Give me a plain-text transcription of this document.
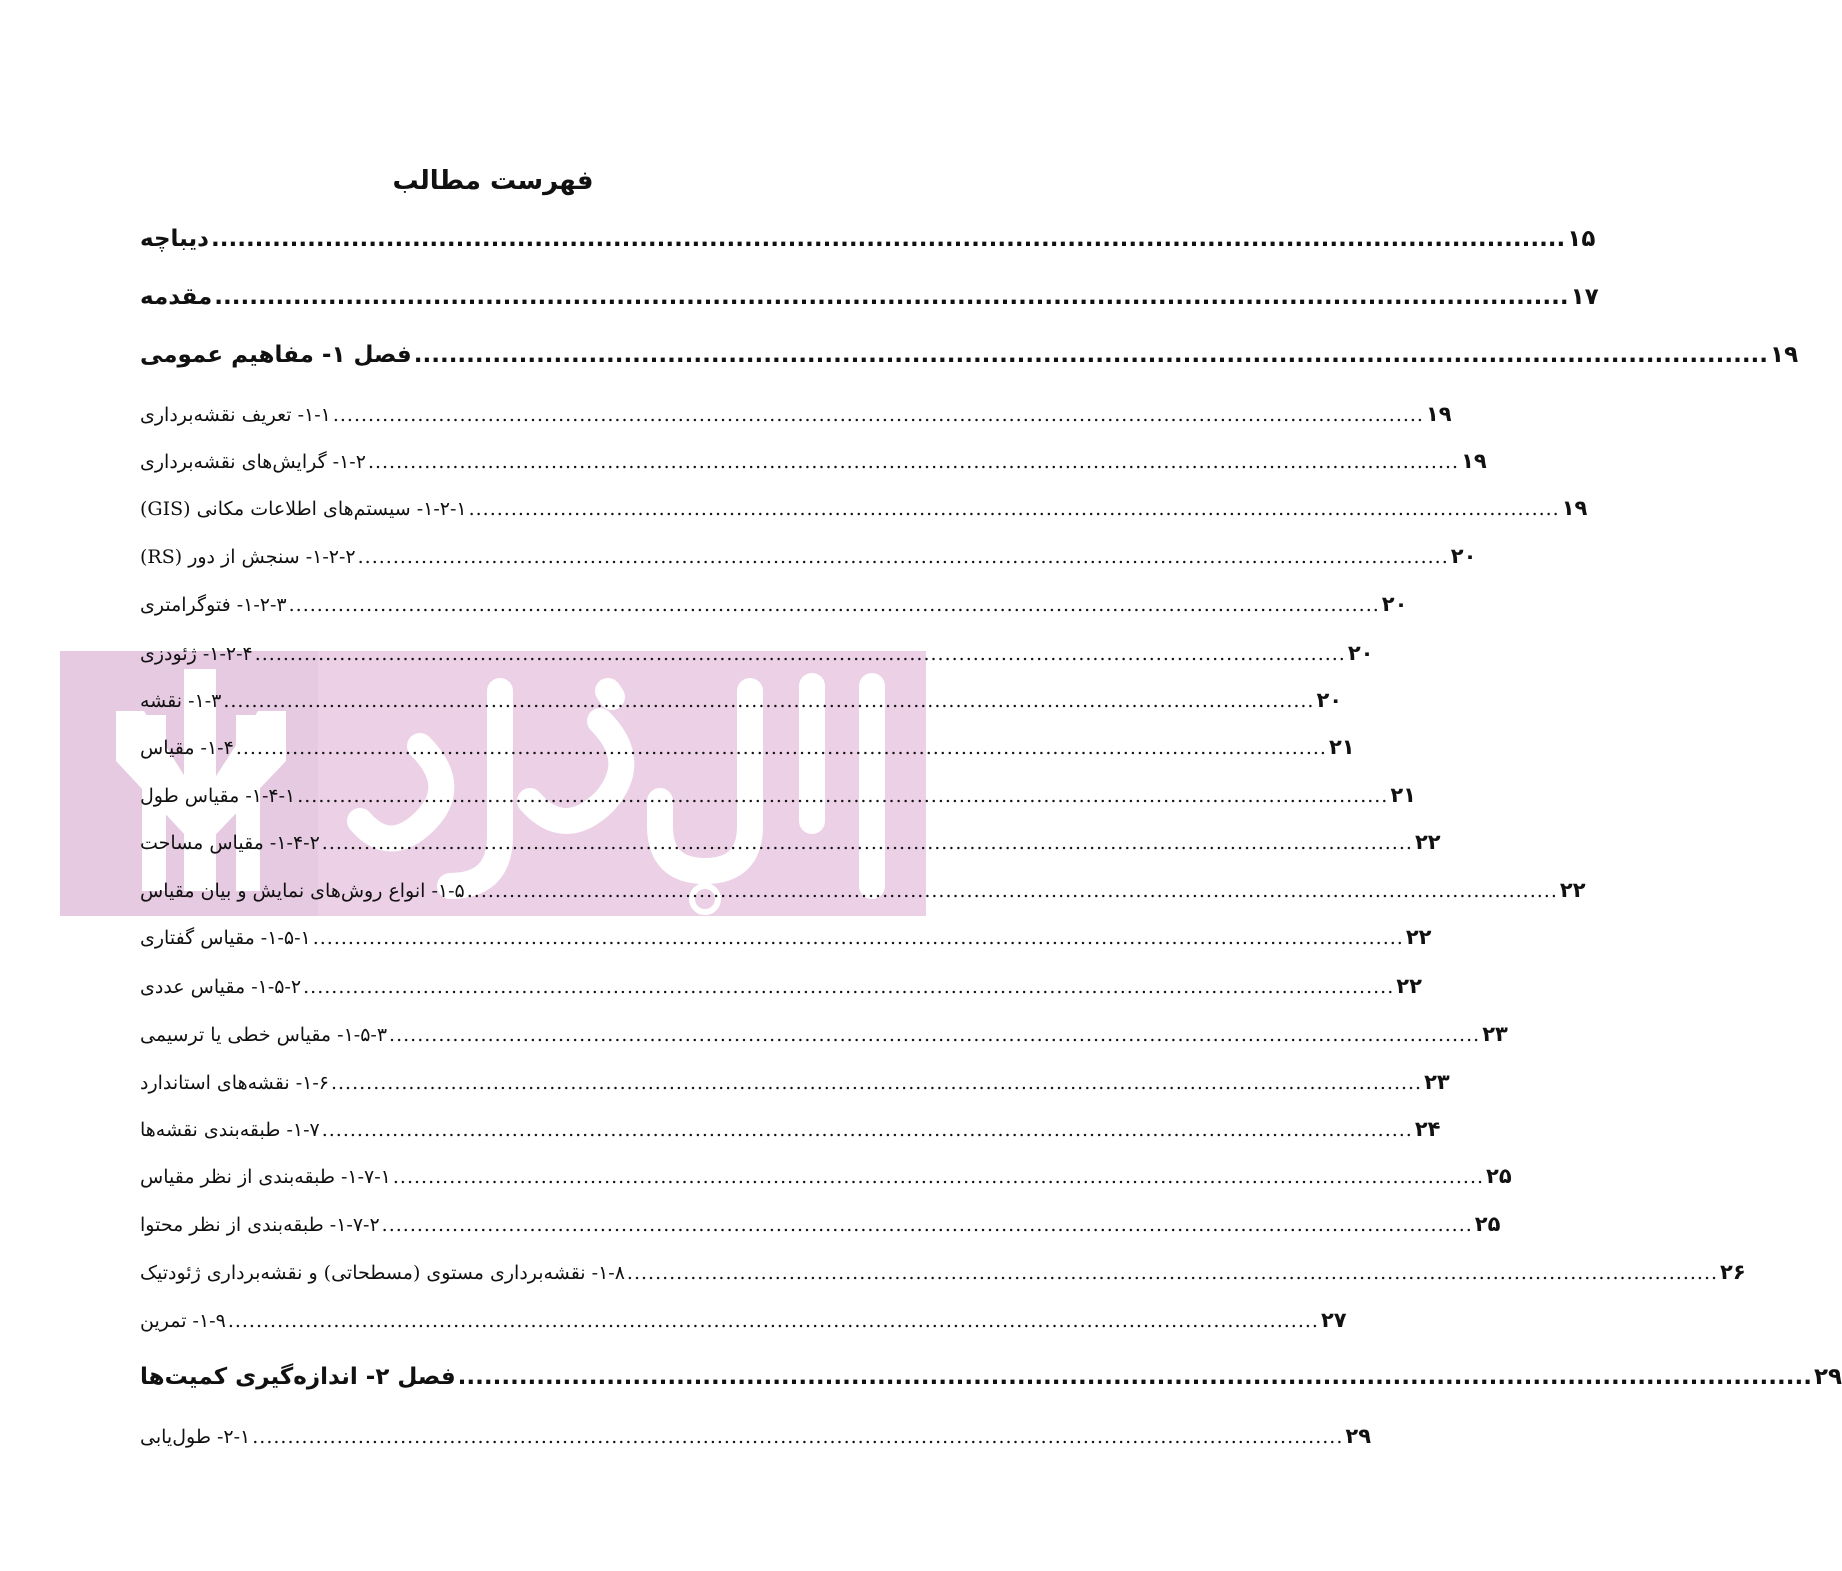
فهرست مطالب
دیباچه ........................................................................................................................................................... ۱۵
مقدمه ........................................................................................................................................................... ۱۷
فصل ۱- مفاهیم عمومی ........................................................................................................................................................... ۱۹
۱-۱- تعریف نقشه‌برداری ........................................................................................................................................................... ۱۹
۱-۲- گرایش‌های نقشه‌برداری ........................................................................................................................................................... ۱۹
۱-۲-۱- سیستم‌های اطلاعات مکانی (GIS) ........................................................................................................................................................... ۱۹
۱-۲-۲- سنجش از دور (RS) ........................................................................................................................................................... ۲۰
۱-۲-۳- فتوگرامتری ........................................................................................................................................................... ۲۰
۱-۲-۴- ژئودزی ........................................................................................................................................................... ۲۰
۱-۳- نقشه ........................................................................................................................................................... ۲۰
۱-۴- مقیاس ........................................................................................................................................................... ۲۱
۱-۴-۱- مقیاس طول ........................................................................................................................................................... ۲۱
۱-۴-۲- مقیاس مساحت ........................................................................................................................................................... ۲۲
۱-۵- انواع روش‌های نمایش و بیان مقیاس ........................................................................................................................................................... ۲۲
۱-۵-۱- مقیاس گفتاری ........................................................................................................................................................... ۲۲
۱-۵-۲- مقیاس عددی ........................................................................................................................................................... ۲۲
۱-۵-۳- مقیاس خطی یا ترسیمی ........................................................................................................................................................... ۲۳
۱-۶- نقشه‌های استاندارد ........................................................................................................................................................... ۲۳
۱-۷- طبقه‌بندی نقشه‌ها ........................................................................................................................................................... ۲۴
۱-۷-۱- طبقه‌بندی از نظر مقیاس ........................................................................................................................................................... ۲۵
۱-۷-۲- طبقه‌بندی از نظر محتوا ........................................................................................................................................................... ۲۵
۱-۸- نقشه‌برداری مستوی (مسطحاتی) و نقشه‌برداری ژئودتیک ........................................................................................................................................................... ۲۶
۱-۹- تمرین ........................................................................................................................................................... ۲۷
فصل ۲- اندازه‌گیری کمیت‌ها ........................................................................................................................................................... ۲۹
۲-۱- طول‌یابی ........................................................................................................................................................... ۲۹
